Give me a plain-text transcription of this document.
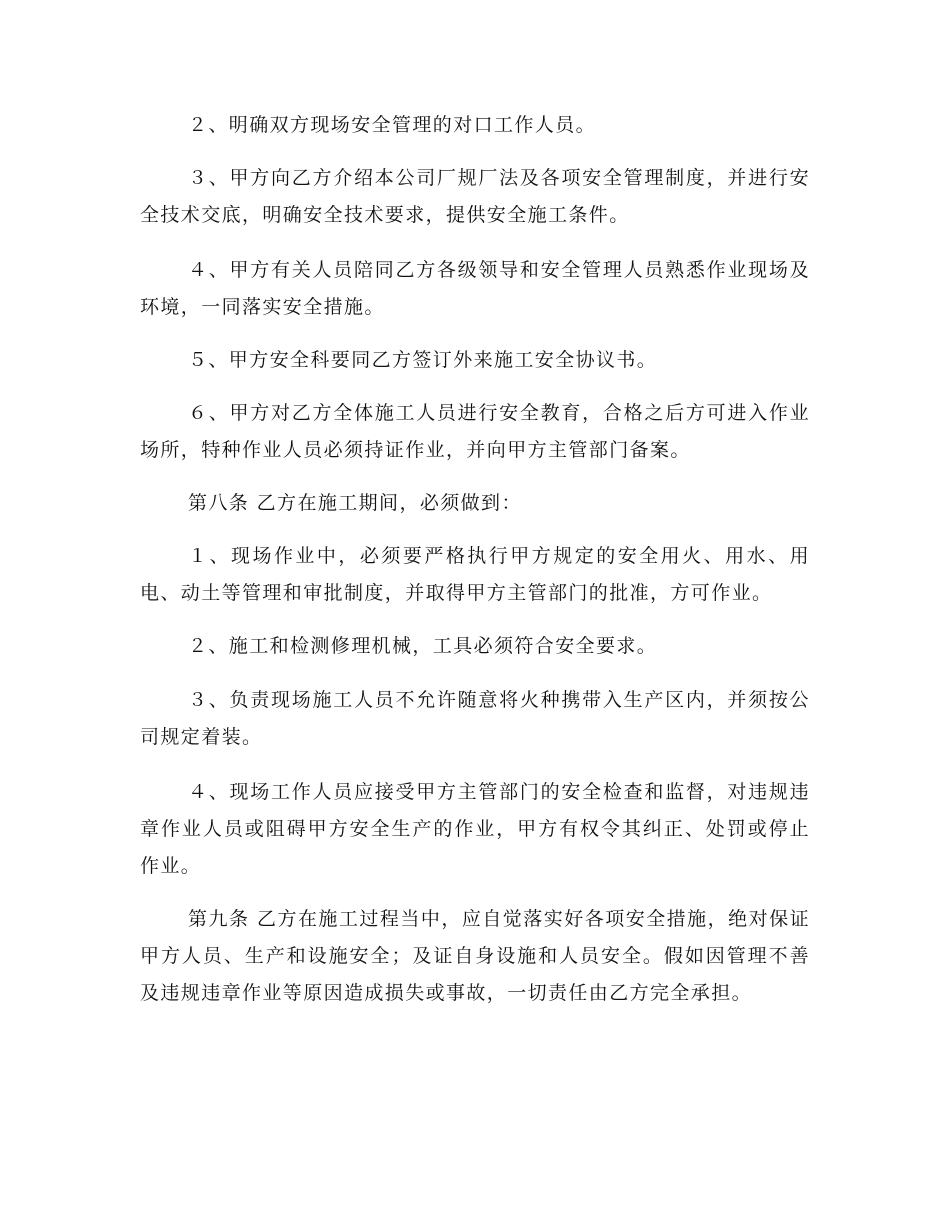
２、明确双方现场安全管理的对口工作人员。

３、甲方向乙方介绍本公司厂规厂法及各项安全管理制度，并进行安全技术交底，明确安全技术要求，提供安全施工条件。

４、甲方有关人员陪同乙方各级领导和安全管理人员熟悉作业现场及环境，一同落实安全措施。

５、甲方安全科要同乙方签订外来施工安全协议书。

６、甲方对乙方全体施工人员进行安全教育，合格之后方可进入作业场所，特种作业人员必须持证作业，并向甲方主管部门备案。

第八条 乙方在施工期间，必须做到：

１、现场作业中，必须要严格执行甲方规定的安全用火、用水、用电、动土等管理和审批制度，并取得甲方主管部门的批准，方可作业。

２、施工和检测修理机械，工具必须符合安全要求。

３、负责现场施工人员不允许随意将火种携带入生产区内，并须按公司规定着装。

４、现场工作人员应接受甲方主管部门的安全检查和监督，对违规违章作业人员或阻碍甲方安全生产的作业，甲方有权令其纠正、处罚或停止作业。

第九条 乙方在施工过程当中，应自觉落实好各项安全措施，绝对保证甲方人员、生产和设施安全；及证自身设施和人员安全。假如因管理不善及违规违章作业等原因造成损失或事故，一切责任由乙方完全承担。
